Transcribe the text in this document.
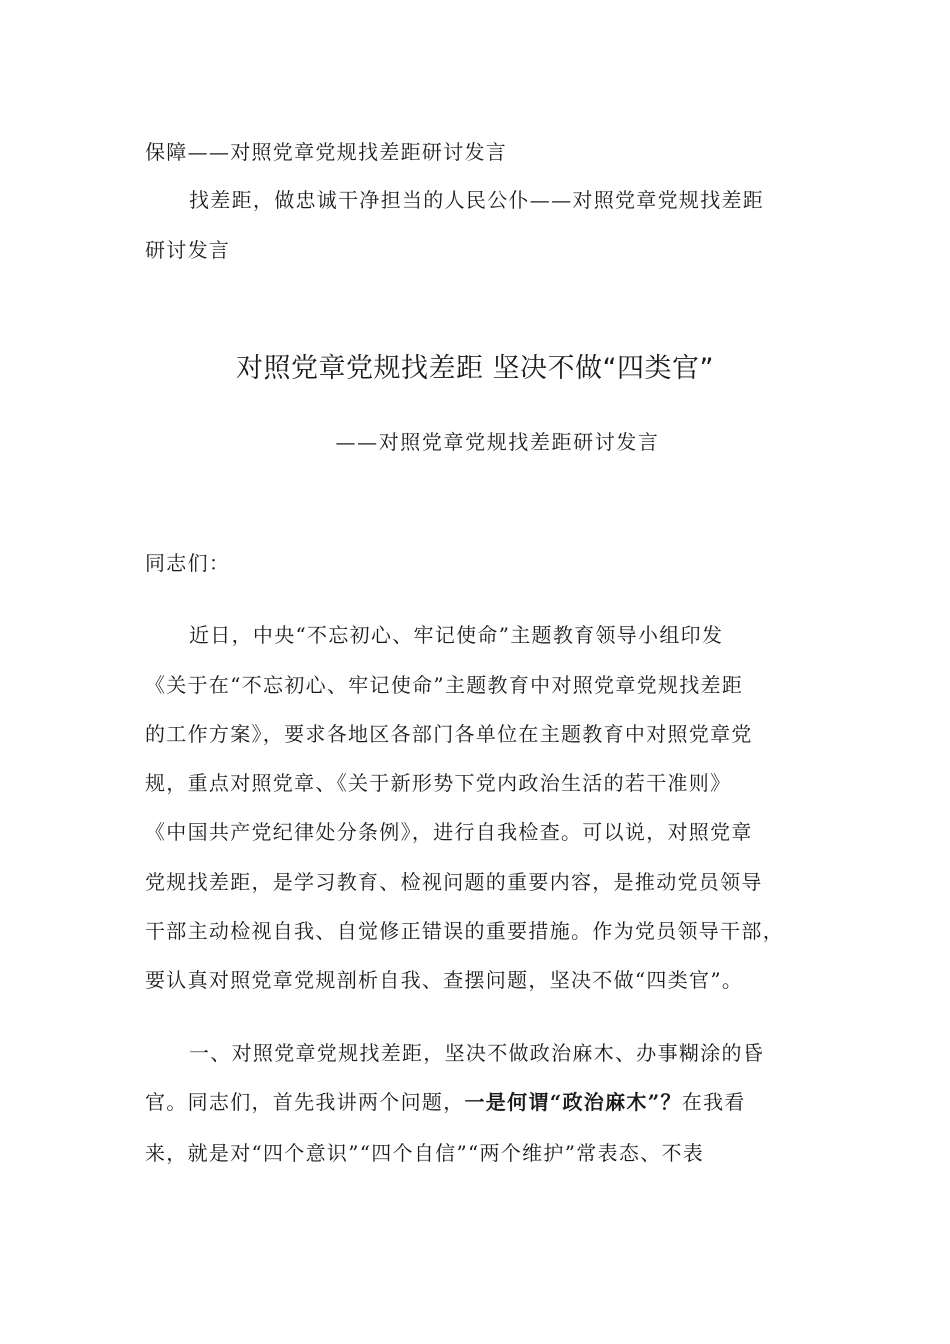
保障——对照党章党规找差距研讨发言
找差距，做忠诚干净担当的人民公仆——对照党章党规找差距
研讨发言
对照党章党规找差距 坚决不做“四类官”
——对照党章党规找差距研讨发言
同志们：
近日，中央“不忘初心、牢记使命”主题教育领导小组印发
《关于在“不忘初心、牢记使命”主题教育中对照党章党规找差距
的工作方案》，要求各地区各部门各单位在主题教育中对照党章党
规，重点对照党章、《关于新形势下党内政治生活的若干准则》
《中国共产党纪律处分条例》，进行自我检查。可以说，对照党章
党规找差距，是学习教育、检视问题的重要内容，是推动党员领导
干部主动检视自我、自觉修正错误的重要措施。作为党员领导干部，
要认真对照党章党规剖析自我、查摆问题，坚决不做“四类官”。
一、对照党章党规找差距，坚决不做政治麻木、办事糊涂的昏
官。同志们，首先我讲两个问题，一是何谓“政治麻木”？在我看
来，就是对“四个意识”“四个自信”“两个维护”常表态、不表
